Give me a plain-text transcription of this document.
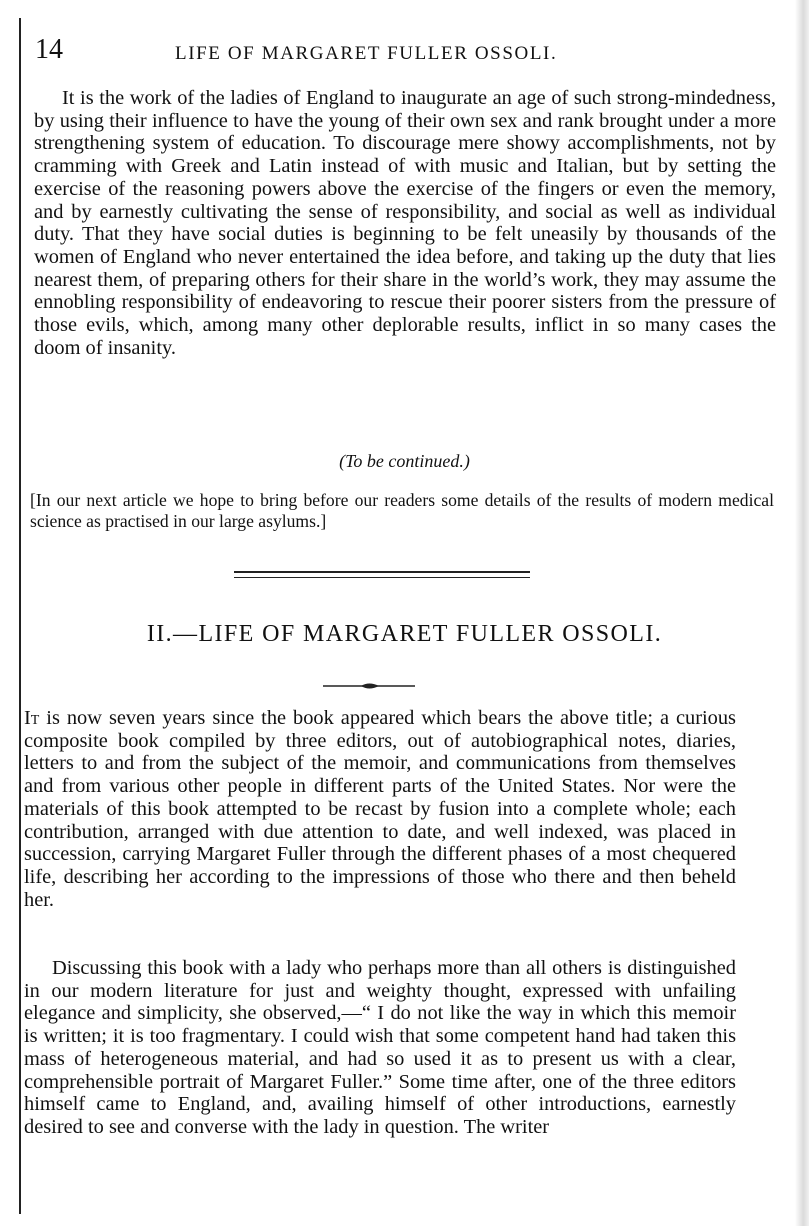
14	LIFE OF MARGARET FULLER OSSOLI.

It is the work of the ladies of England to inaugurate an age of such strong-mindedness, by using their influence to have the young of their own sex and rank brought under a more strengthening system of education. To discourage mere showy accomplishments, not by cramming with Greek and Latin instead of with music and Italian, but by setting the exercise of the reasoning powers above the exercise of the fingers or even the memory, and by earnestly cultivating the sense of responsibility, and social as well as individual duty. That they have social duties is beginning to be felt uneasily by thousands of the women of England who never entertained the idea before, and taking up the duty that lies nearest them, of preparing others for their share in the world’s work, they may assume the ennobling responsibility of endeavoring to rescue their poorer sisters from the pressure of those evils, which, among many other deplorable results, inflict in so many cases the doom of insanity.

(To be continued.)

[In our next article we hope to bring before our readers some details of the results of modern medical science as practised in our large asylums.]

II.—LIFE OF MARGARET FULLER OSSOLI.

It is now seven years since the book appeared which bears the above title; a curious composite book compiled by three editors, out of autobiographical notes, diaries, letters to and from the subject of the memoir, and communications from themselves and from various other people in different parts of the United States. Nor were the materials of this book attempted to be recast by fusion into a complete whole; each contribution, arranged with due attention to date, and well indexed, was placed in succession, carrying Margaret Fuller through the different phases of a most chequered life, describing her according to the impressions of those who there and then beheld her.

Discussing this book with a lady who perhaps more than all others is distinguished in our modern literature for just and weighty thought, expressed with unfailing elegance and simplicity, she observed,—“ I do not like the way in which this memoir is written; it is too fragmentary. I could wish that some competent hand had taken this mass of heterogeneous material, and had so used it as to present us with a clear, comprehensible portrait of Margaret Fuller.” Some time after, one of the three editors himself came to England, and, availing himself of other introductions, earnestly desired to see and converse with the lady in question. The writer
